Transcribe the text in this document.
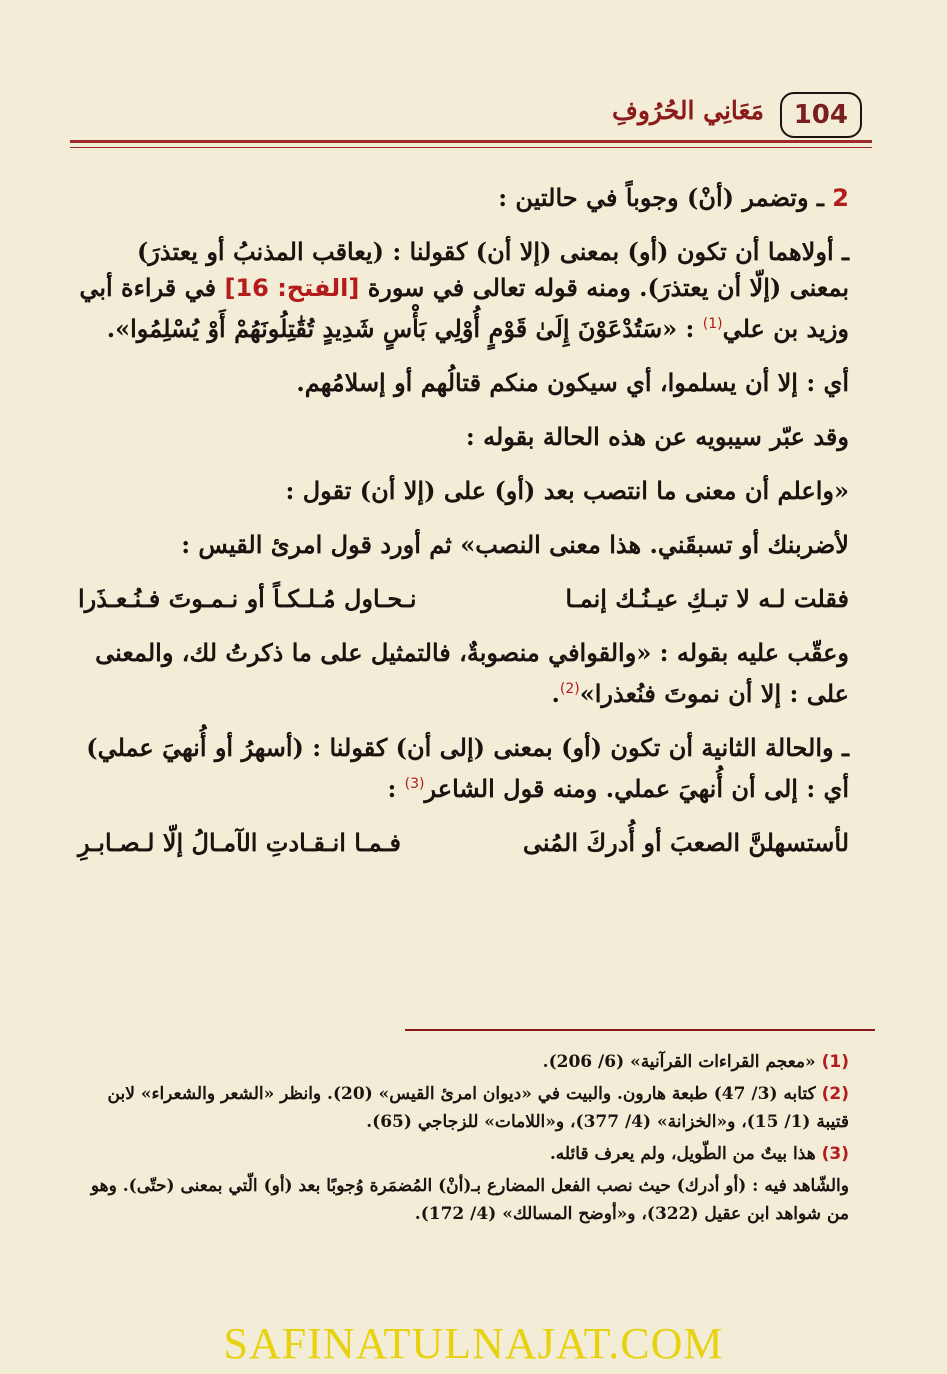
104
مَعَانِي الحُرُوفِ

2 ـ وتضمر (أنْ) وجوباً في حالتين :

ـ أولاهما أن تكون (أو) بمعنى (إلا أن) كقولنا : (يعاقب المذنبُ أو يعتذرَ) بمعنى (إلّا أن يعتذرَ). ومنه قوله تعالى في سورة [الفتح: 16] في قراءة أبي وزيد بن علي$^{(1)}$ : «سَتُدْعَوْنَ إِلَىٰ قَوْمٍ أُوْلِي بَأْسٍ شَدِيدٍ تُقَٰتِلُونَهُمْ أَوْ يُسْلِمُوا».

أي : إلا أن يسلموا، أي سيكون منكم قتالُهم أو إسلامُهم.

وقد عبّر سيبويه عن هذه الحالة بقوله :

«واعلم أن معنى ما انتصب بعد (أو) على (إلا أن) تقول :

لأضربنك أو تسبقَني. هذا معنى النصب» ثم أورد قول امرئ القيس :

فقلت لـه لا تبـكِ عيـنُـك إنمـا
نـحـاول مُـلـكـاً أو نـمـوتَ فـنُـعـذَرا

وعقّب عليه بقوله : «والقوافي منصوبةٌ، فالتمثيل على ما ذكرتُ لك، والمعنى على : إلا أن نموتَ فنُعذرا»$^{(2)}$.

ـ والحالة الثانية أن تكون (أو) بمعنى (إلى أن) كقولنا : (أسهرُ أو أُنهيَ عملي) أي : إلى أن أُنهيَ عملي. ومنه قول الشاعر$^{(3)}$ :

لأستسهلنَّ الصعبَ أو أُدركَ المُنى
فـمـا انـقـادتِ الآمـالُ إلّا لـصـابـرِ
(1) «معجم القراءات القرآنية» (6/ 206).
(2) كتابه (3/ 47) طبعة هارون. والبيت في «ديوان امرئ القيس» (20). وانظر «الشعر والشعراء» لابن قتيبة (1/ 15)، و«الخزانة» (4/ 377)، و«اللامات» للزجاجي (65).
(3) هذا بيتٌ من الطّويل، ولم يعرف قائله.
والشّاهد فيه : (أو أدرك) حيث نصب الفعل المضارع بـ(أنْ) المُضمَرة وُجوبًا بعد (أو) الّتي بمعنى (حتّى). وهو من شواهد ابن عقيل (322)، و«أوضح المسالك» (4/ 172).
SAFINATULNAJAT.COM
